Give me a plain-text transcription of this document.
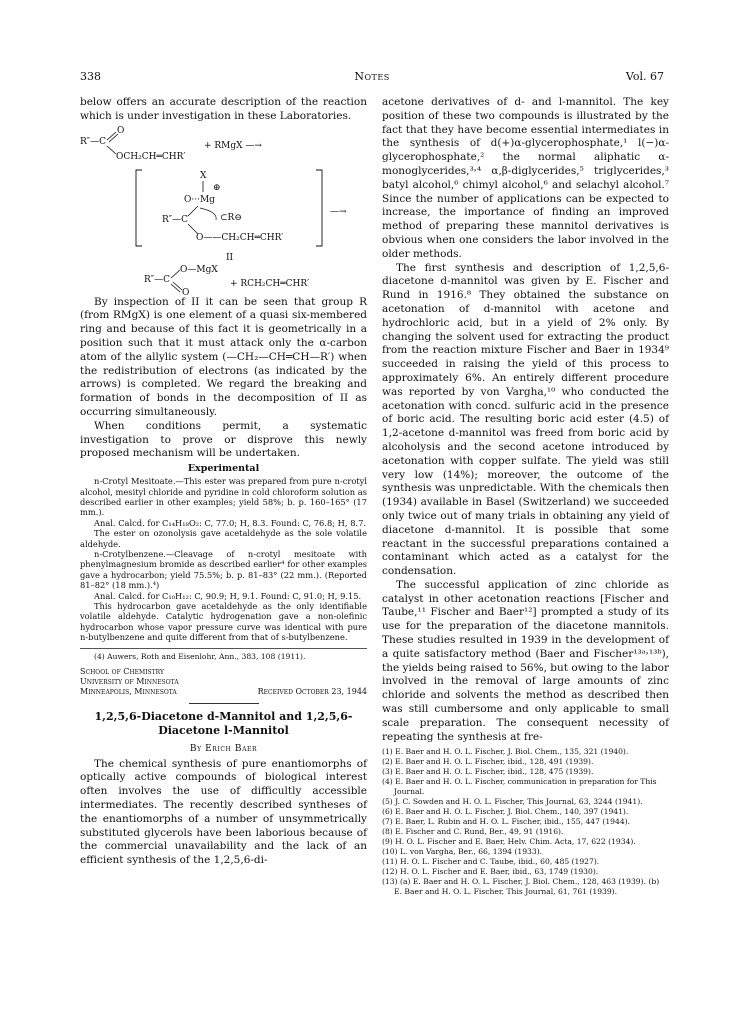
338	Notes	Vol. 67

below offers an accurate description of the reaction which is under investigation in these Laboratories.

R″—C
O
OCH₂CH═CHR′
+ RMgX —→
X
⊕
O···Mg
R″—C	⊂R⊖
O——CH₂CH═CHR′
—→
II
R″—C
O—MgX
O
+ RCH₂CH═CHR′

By inspection of II it can be seen that group R (from RMgX) is one element of a quasi six-membered ring and because of this fact it is geometrically in a position such that it must attack only the α-carbon atom of the allylic system (—CH₂—CH═CH—R′) when the redistribution of electrons (as indicated by the arrows) is completed. We regard the breaking and formation of bonds in the decomposition of II as occurring simultaneously.

When conditions permit, a systematic investigation to prove or disprove this newly proposed mechanism will be undertaken.

Experimental

n-Crotyl Mesitoate.—This ester was prepared from pure n-crotyl alcohol, mesityl chloride and pyridine in cold chloroform solution as described earlier in other examples; yield 58%; b. p. 160–165° (17 mm.).

Anal. Calcd. for C₁₄H₁₈O₂: C, 77.0; H, 8.3. Found: C, 76.8; H, 8.7.

The ester on ozonolysis gave acetaldehyde as the sole volatile aldehyde.

n-Crotylbenzene.—Cleavage of n-crotyl mesitoate with phenylmagnesium bromide as described earlier⁴ for other examples gave a hydrocarbon; yield 75.5%; b. p. 81–83° (22 mm.). (Reported 81–82° (18 mm.).⁴)

Anal. Calcd. for C₁₀H₁₂: C, 90.9; H, 9.1. Found: C, 91.0; H, 9.15.

This hydrocarbon gave acetaldehyde as the only identifiable volatile aldehyde. Catalytic hydrogenation gave a non-olefinic hydrocarbon whose vapor pressure curve was identical with pure n-butylbenzene and quite different from that of s-butylbenzene.

(4) Auwers, Roth and Eisenlohr, Ann., 383, 108 (1911).

School of Chemistry
University of Minnesota
Minneapolis, Minnesota	Received October 23, 1944
1,2,5,6-Diacetone d-Mannitol and 1,2,5,6-Diacetone l-Mannitol
By Erich Baer

The chemical synthesis of pure enantiomorphs of optically active compounds of biological interest often involves the use of difficultly accessible intermediates. The recently described syntheses of the enantiomorphs of a number of unsymmetrically substituted glycerols have been laborious because of the commercial unavailability and the lack of an efficient synthesis of the 1,2,5,6-di-

acetone derivatives of d- and l-mannitol. The key position of these two compounds is illustrated by the fact that they have become essential intermediates in the synthesis of d(+)α-glycerophosphate,¹ l(−)α-glycerophosphate,² the normal aliphatic α-monoglycerides,³˒⁴ α,β-diglycerides,⁵ triglycerides,³ batyl alcohol,⁶ chimyl alcohol,⁶ and selachyl alcohol.⁷ Since the number of applications can be expected to increase, the importance of finding an improved method of preparing these mannitol derivatives is obvious when one considers the labor involved in the older methods.

The first synthesis and description of 1,2,5,6-diacetone d-mannitol was given by E. Fischer and Rund in 1916.⁸ They obtained the substance on acetonation of d-mannitol with acetone and hydrochloric acid, but in a yield of 2% only. By changing the solvent used for extracting the product from the reaction mixture Fischer and Baer in 1934⁹ succeeded in raising the yield of this process to approximately 6%. An entirely different procedure was reported by von Vargha,¹⁰ who conducted the acetonation with concd. sulfuric acid in the presence of boric acid. The resulting boric acid ester (4.5) of 1,2-acetone d-mannitol was freed from boric acid by alcoholysis and the second acetone introduced by acetonation with copper sulfate. The yield was still very low (14%); moreover, the outcome of the synthesis was unpredictable. With the chemicals then (1934) available in Basel (Switzerland) we succeeded only twice out of many trials in obtaining any yield of diacetone d-mannitol. It is possible that some reactant in the successful preparations contained a contaminant which acted as a catalyst for the condensation.

The successful application of zinc chloride as catalyst in other acetonation reactions [Fischer and Taube,¹¹ Fischer and Baer¹²] prompted a study of its use for the preparation of the diacetone mannitols. These studies resulted in 1939 in the development of a quite satisfactory method (Baer and Fischer¹³ᵃ˒¹³ᵇ), the yields being raised to 56%, but owing to the labor involved in the removal of large amounts of zinc chloride and solvents the method as described then was still cumbersome and only applicable to small scale preparation. The consequent necessity of repeating the synthesis at fre-

(1) E. Baer and H. O. L. Fischer, J. Biol. Chem., 135, 321 (1940).
(2) E. Baer and H. O. L. Fischer, ibid., 128, 491 (1939).
(3) E. Baer and H. O. L. Fischer, ibid., 128, 475 (1939).
(4) E. Baer and H. O. L. Fischer, communication in preparation for This Journal.
(5) J. C. Sowden and H. O. L. Fischer, This Journal, 63, 3244 (1941).
(6) E. Baer and H. O. L. Fischer, J. Biol. Chem., 140, 397 (1941).
(7) E. Baer, L. Rubin and H. O. L. Fischer, ibid., 155, 447 (1944).
(8) E. Fischer and C. Rund, Ber., 49, 91 (1916).
(9) H. O. L. Fischer and E. Baer, Helv. Chim. Acta, 17, 622 (1934).
(10) L. von Vargha, Ber., 66, 1394 (1933).
(11) H. O. L. Fischer and C. Taube, ibid., 60, 485 (1927).
(12) H. O. L. Fischer and E. Baer, ibid., 63, 1749 (1930).
(13) (a) E. Baer and H. O. L. Fischer, J. Biol. Chem., 128, 463 (1939). (b) E. Baer and H. O. L. Fischer, This Journal, 61, 761 (1939).
